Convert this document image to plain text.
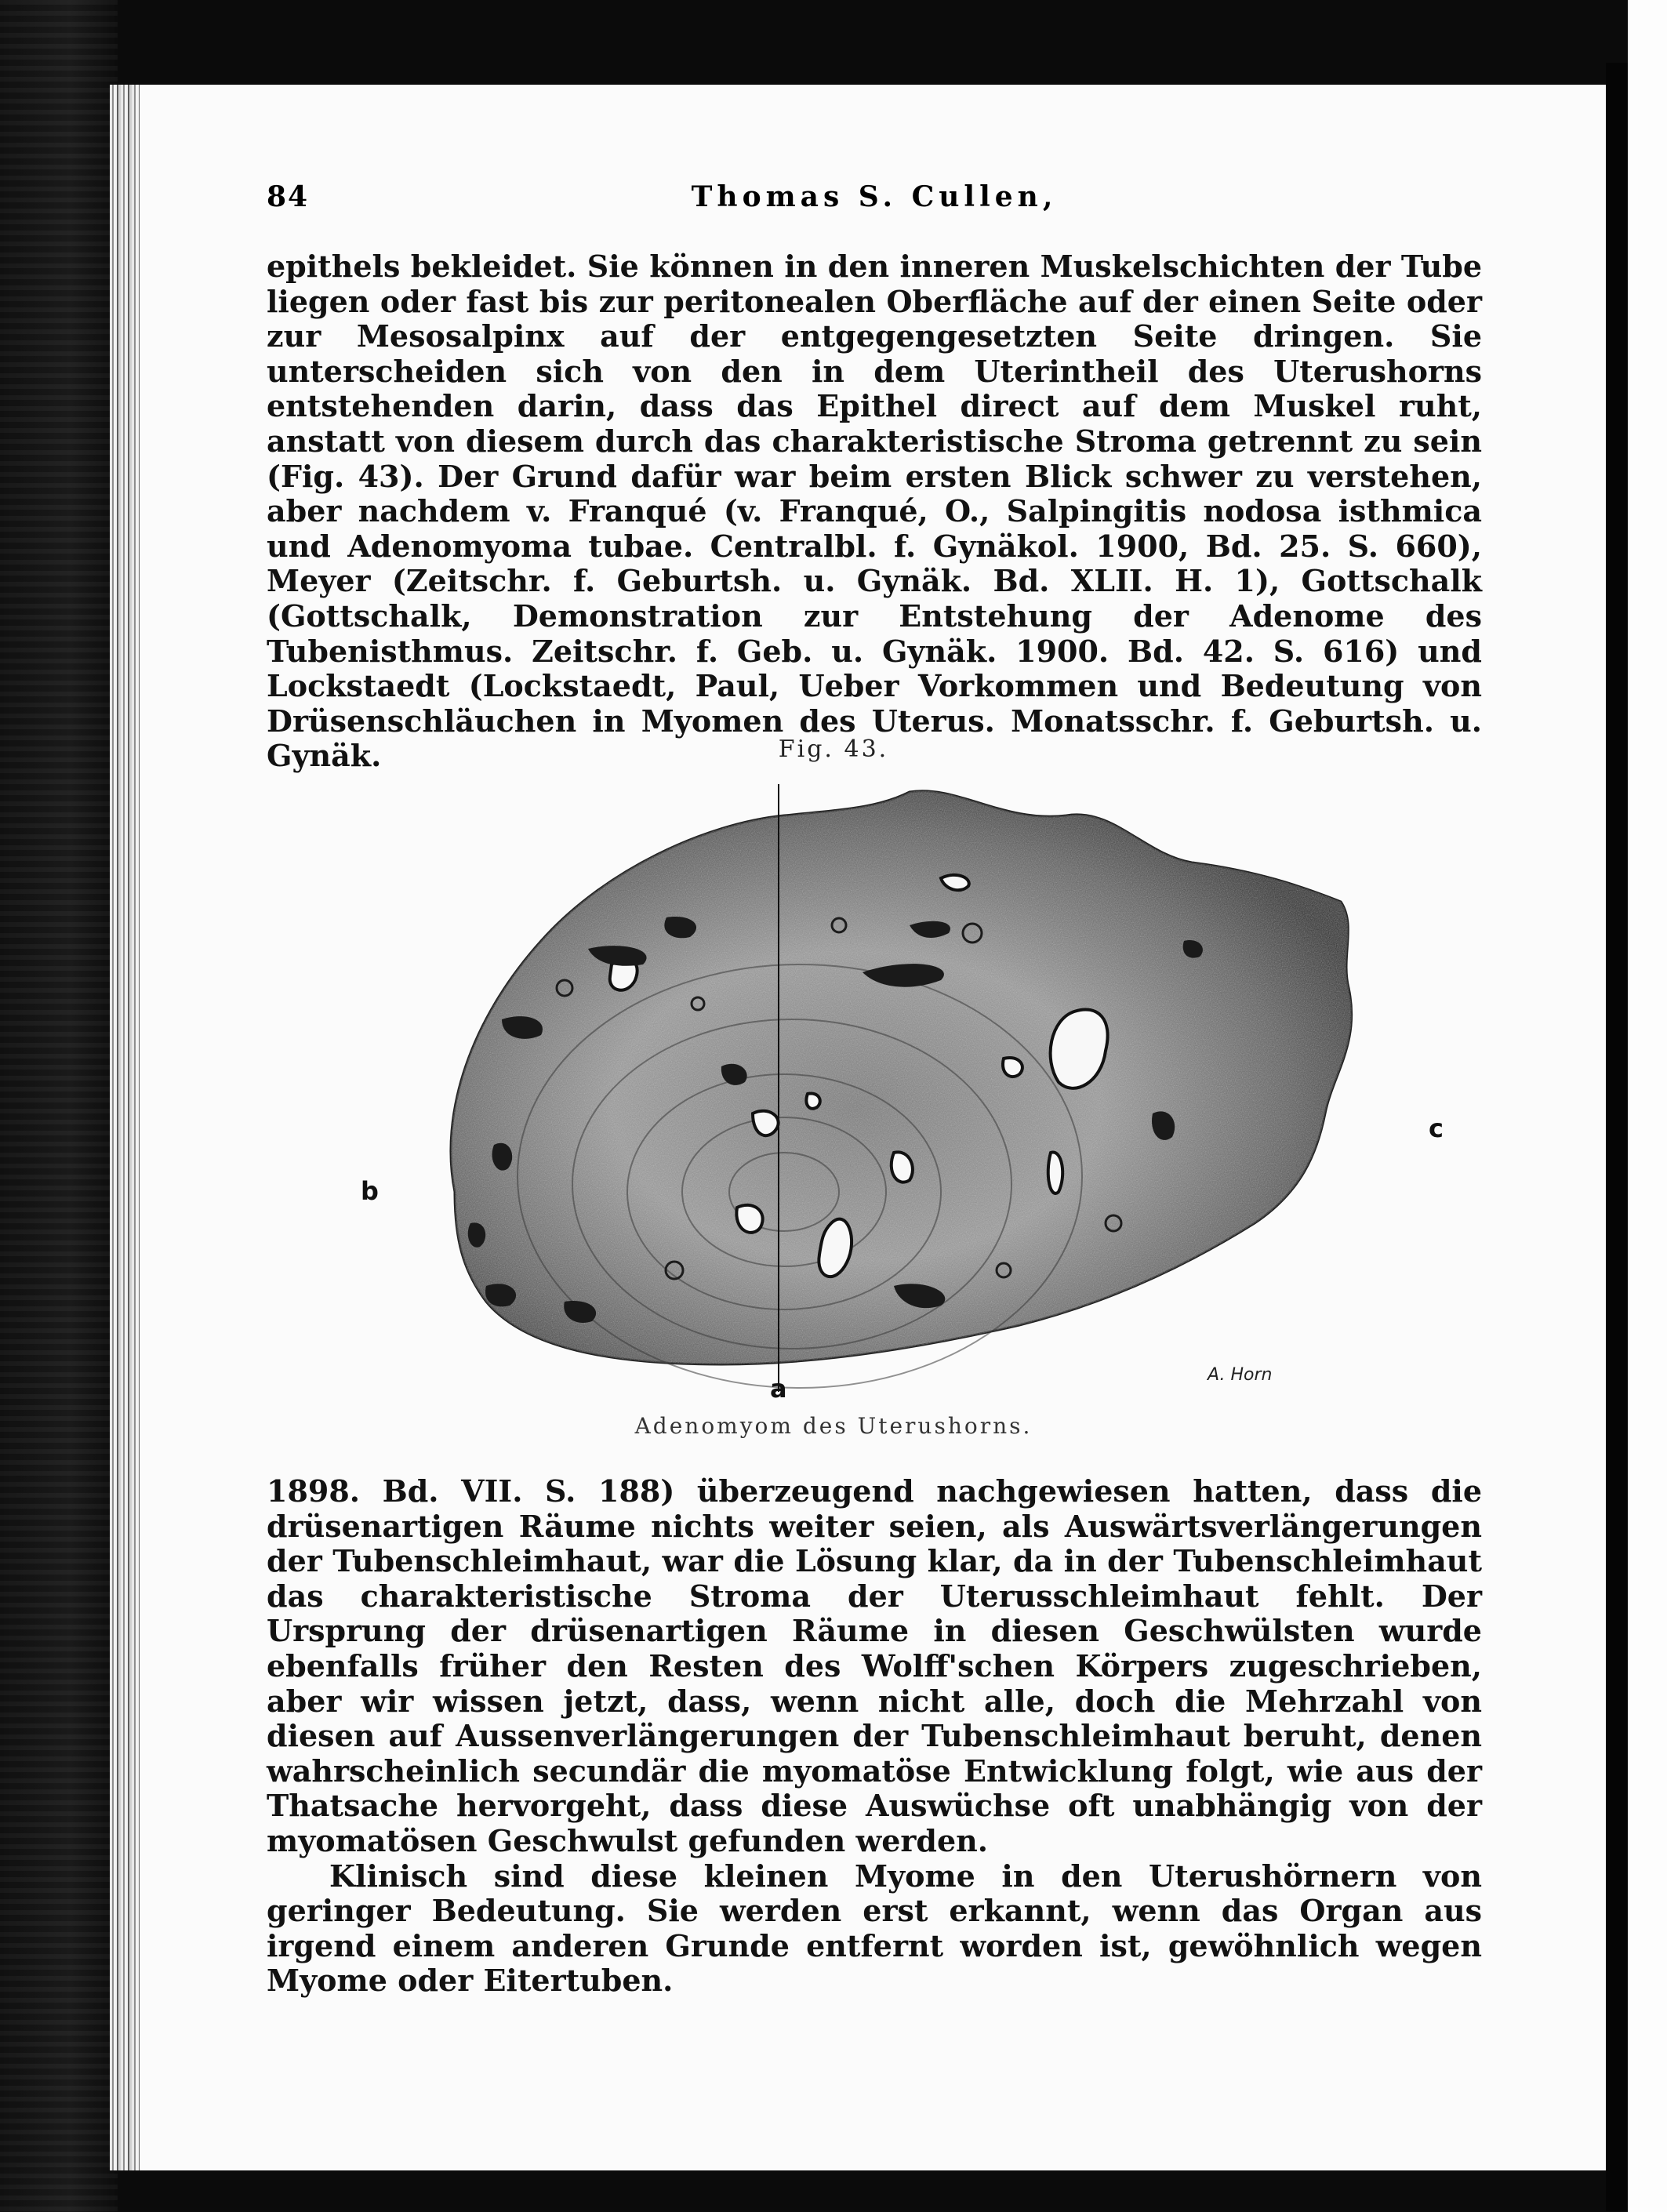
84	Thomas S. Cullen,

epithels bekleidet. Sie können in den inneren Muskelschichten der Tube liegen oder fast bis zur peritonealen Oberfläche auf der einen Seite oder zur Mesosalpinx auf der entgegengesetzten Seite dringen. Sie unterscheiden sich von den in dem Uterintheil des Uterushorns entstehenden darin, dass das Epithel direct auf dem Muskel ruht, anstatt von diesem durch das charakteristische Stroma getrennt zu sein (Fig. 43). Der Grund dafür war beim ersten Blick schwer zu verstehen, aber nachdem v. Franqué (v. Franqué, O., Salpingitis nodosa isthmica und Adenomyoma tubae. Centralbl. f. Gynäkol. 1900, Bd. 25. S. 660), Meyer (Zeitschr. f. Geburtsh. u. Gynäk. Bd. XLII. H. 1), Gottschalk (Gottschalk, Demonstration zur Entstehung der Adenome des Tubenisthmus. Zeitschr. f. Geb. u. Gynäk. 1900. Bd. 42. S. 616) und Lockstaedt (Lockstaedt, Paul, Ueber Vorkommen und Bedeutung von Drüsenschläuchen in Myomen des Uterus. Monatsschr. f. Geburtsh. u. Gynäk.	Fig. 43.
A. Horn
b
c
a
Adenomyom des Uterushorns.

1898. Bd. VII. S. 188) überzeugend nachgewiesen hatten, dass die drüsenartigen Räume nichts weiter seien, als Auswärtsverlängerungen der Tubenschleimhaut, war die Lösung klar, da in der Tubenschleimhaut das charakteristische Stroma der Uterusschleimhaut fehlt. Der Ursprung der drüsenartigen Räume in diesen Geschwülsten wurde ebenfalls früher den Resten des Wolff'schen Körpers zugeschrieben, aber wir wissen jetzt, dass, wenn nicht alle, doch die Mehrzahl von diesen auf Aussenverlängerungen der Tubenschleimhaut beruht, denen wahrscheinlich secundär die myomatöse Entwicklung folgt, wie aus der Thatsache hervorgeht, dass diese Auswüchse oft unabhängig von der myomatösen Geschwulst gefunden werden.

Klinisch sind diese kleinen Myome in den Uterushörnern von geringer Bedeutung. Sie werden erst erkannt, wenn das Organ aus irgend einem anderen Grunde entfernt worden ist, gewöhnlich wegen Myome oder Eitertuben.
